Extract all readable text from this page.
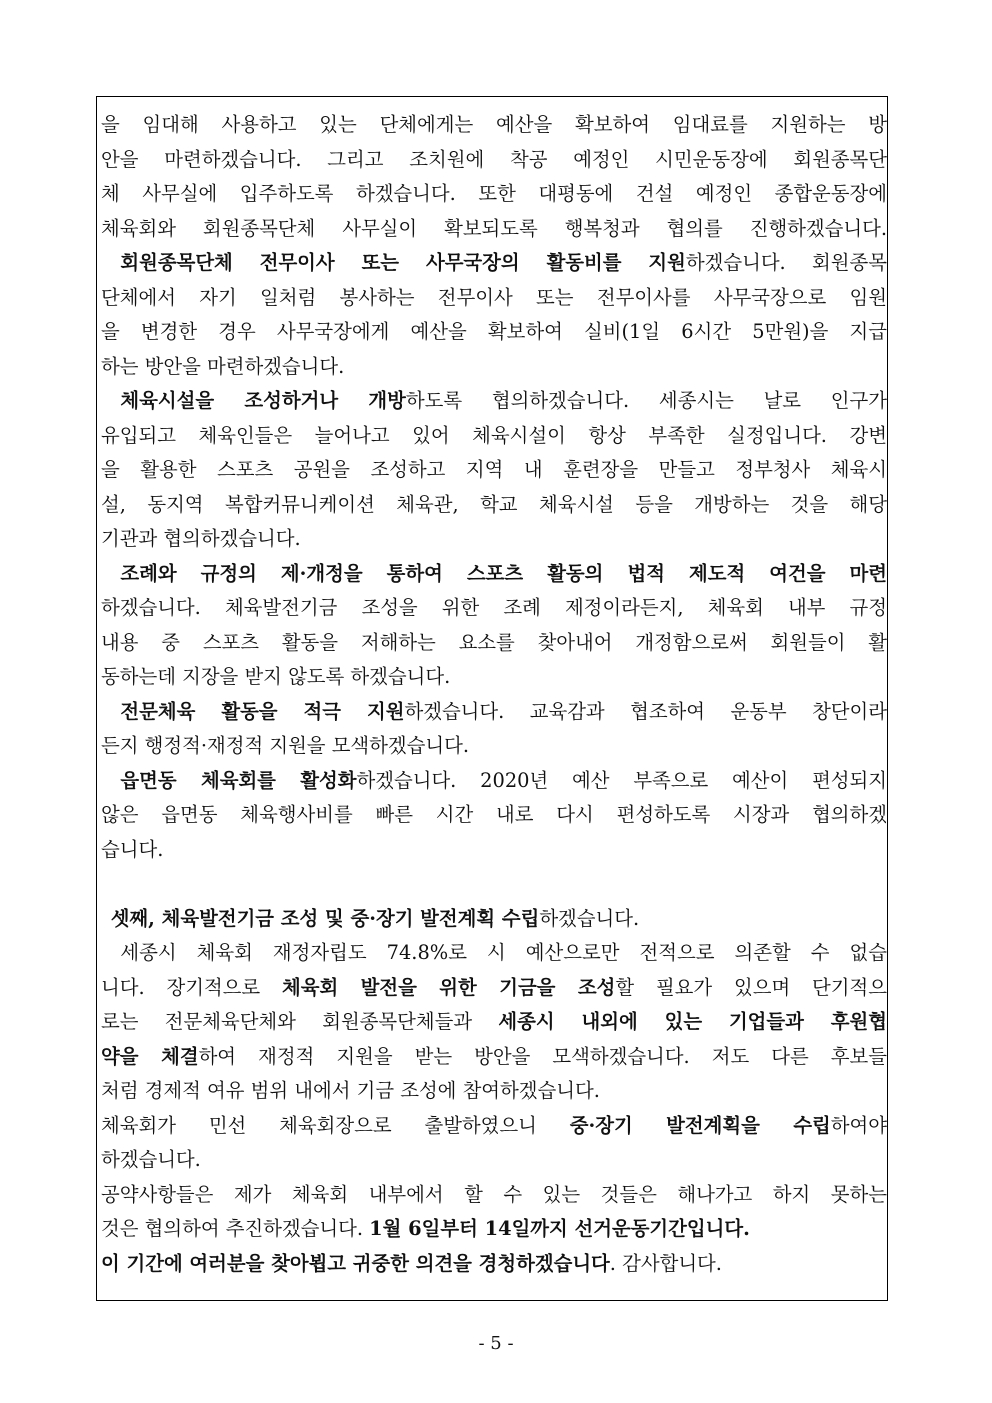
을 임대해 사용하고 있는 단체에게는 예산을 확보하여 임대료를 지원하는 방

안을 마련하겠습니다. 그리고 조치원에 착공 예정인 시민운동장에 회원종목단

체 사무실에 입주하도록 하겠습니다. 또한 대평동에 건설 예정인 종합운동장에

체육회와 회원종목단체 사무실이 확보되도록 행복청과 협의를 진행하겠습니다.

회원종목단체 전무이사 또는 사무국장의 활동비를 지원하겠습니다. 회원종목

단체에서 자기 일처럼 봉사하는 전무이사 또는 전무이사를 사무국장으로 임원

을 변경한 경우 사무국장에게 예산을 확보하여 실비(1일 6시간 5만원)을 지급

하는 방안을 마련하겠습니다.

체육시설을 조성하거나 개방하도록 협의하겠습니다. 세종시는 날로 인구가

유입되고 체육인들은 늘어나고 있어 체육시설이 항상 부족한 실정입니다. 강변

을 활용한 스포츠 공원을 조성하고 지역 내 훈련장을 만들고 정부청사 체육시

설, 동지역 복합커뮤니케이션 체육관, 학교 체육시설 등을 개방하는 것을 해당

기관과 협의하겠습니다.

조례와 규정의 제·개정을 통하여 스포츠 활동의 법적 제도적 여건을 마련

하겠습니다. 체육발전기금 조성을 위한 조례 제정이라든지, 체육회 내부 규정

내용 중 스포츠 활동을 저해하는 요소를 찾아내어 개정함으로써 회원들이 활

동하는데 지장을 받지 않도록 하겠습니다.

전문체육 활동을 적극 지원하겠습니다. 교육감과 협조하여 운동부 창단이라

든지 행정적·재정적 지원을 모색하겠습니다.

읍면동 체육회를 활성화하겠습니다. 2020년 예산 부족으로 예산이 편성되지

않은 읍면동 체육행사비를 빠른 시간 내로 다시 편성하도록 시장과 협의하겠

습니다.

셋째, 체육발전기금 조성 및 중·장기 발전계획 수립하겠습니다.

세종시 체육회 재정자립도 74.8%로 시 예산으로만 전적으로 의존할 수 없습

니다. 장기적으로 체육회 발전을 위한 기금을 조성할 필요가 있으며 단기적으

로는 전문체육단체와 회원종목단체들과 세종시 내외에 있는 기업들과 후원협

약을 체결하여 재정적 지원을 받는 방안을 모색하겠습니다. 저도 다른 후보들

처럼 경제적 여유 범위 내에서 기금 조성에 참여하겠습니다.

체육회가 민선 체육회장으로 출발하였으니 중·장기 발전계획을 수립하여야

하겠습니다.

공약사항들은 제가 체육회 내부에서 할 수 있는 것들은 해나가고 하지 못하는

것은 협의하여 추진하겠습니다. 1월 6일부터 14일까지 선거운동기간입니다.

이 기간에 여러분을 찾아뵙고 귀중한 의견을 경청하겠습니다. 감사합니다.

- 5 -
